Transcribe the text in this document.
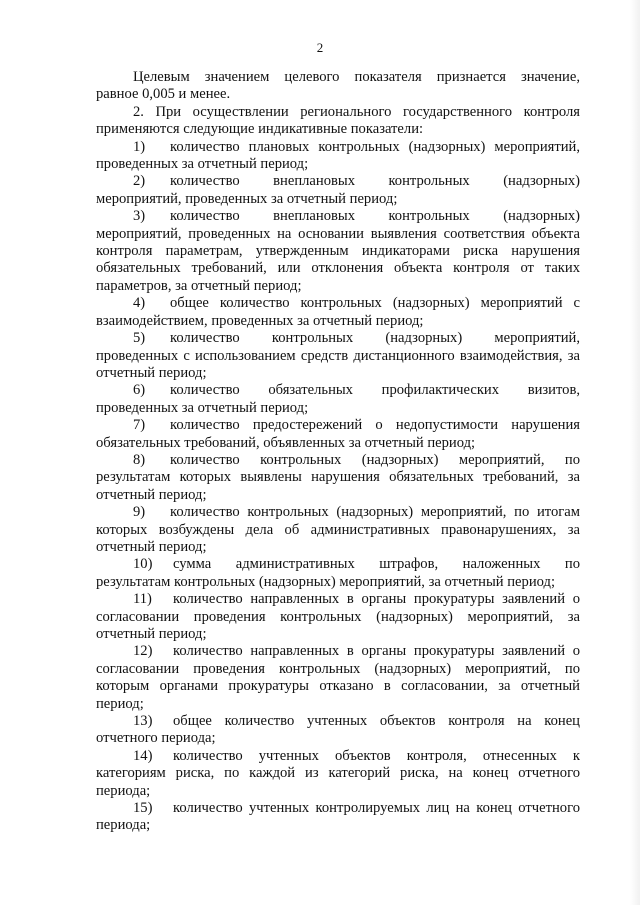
2

Целевым значением целевого показателя признается значение,
равное 0,005 и менее.

2. При осуществлении регионального государственного контроля
применяются следующие индикативные показатели:

1) количество плановых контрольных (надзорных) мероприятий,
проведенных за отчетный период;
2) количество внеплановых контрольных (надзорных)
мероприятий, проведенных за отчетный период;
3) количество внеплановых контрольных (надзорных)
мероприятий, проведенных на основании выявления соответствия объекта контроля параметрам, утвержденным индикаторами риска нарушения обязательных требований, или отклонения объекта контроля от таких параметров, за отчетный период;
4) общее количество контрольных (надзорных) мероприятий с
взаимодействием, проведенных за отчетный период;
5) количество контрольных (надзорных) мероприятий,
проведенных с использованием средств дистанционного взаимодействия, за отчетный период;
6) количество обязательных профилактических визитов,
проведенных за отчетный период;
7) количество предостережений о недопустимости нарушения
обязательных требований, объявленных за отчетный период;
8) количество контрольных (надзорных) мероприятий, по
результатам которых выявлены нарушения обязательных требований, за отчетный период;
9) количество контрольных (надзорных) мероприятий, по итогам
которых возбуждены дела об административных правонарушениях, за отчетный период;
10) сумма административных штрафов, наложенных по
результатам контрольных (надзорных) мероприятий, за отчетный период;
11) количество направленных в органы прокуратуры заявлений о
согласовании проведения контрольных (надзорных) мероприятий, за отчетный период;
12) количество направленных в органы прокуратуры заявлений о
согласовании проведения контрольных (надзорных) мероприятий, по которым органами прокуратуры отказано в согласовании, за отчетный период;
13) общее количество учтенных объектов контроля на конец
отчетного периода;
14) количество учтенных объектов контроля, отнесенных к
категориям риска, по каждой из категорий риска, на конец отчетного периода;
15) количество учтенных контролируемых лиц на конец отчетного
периода;
